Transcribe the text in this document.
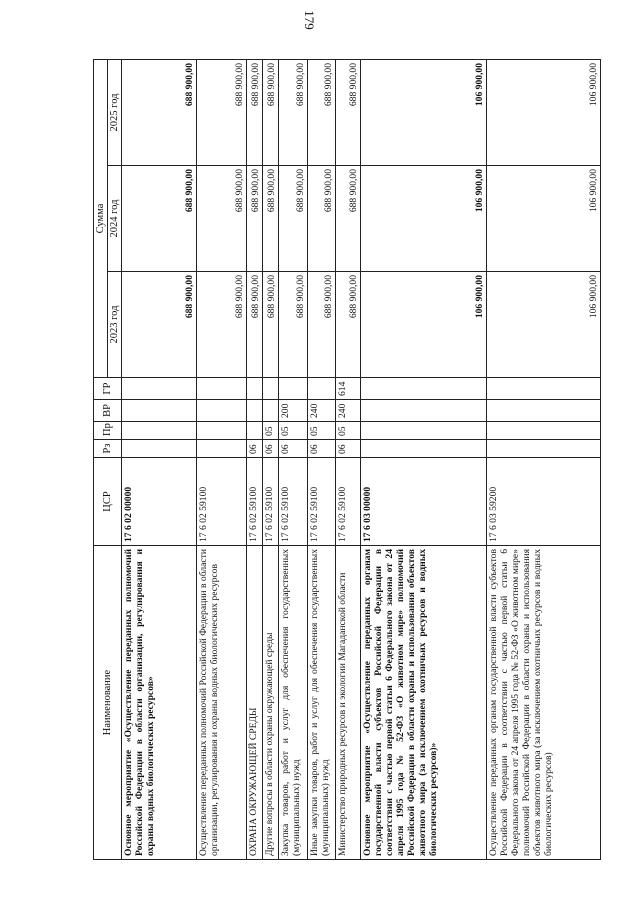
179
Наименование	ЦСР	Рз	Пр	ВР	ГР	Сумма		
						2023 год	2024 год	2025 год
Основное мероприятие «Осуществление переданных полномочий Российской Федерации в области организации, регулирования и охраны водных биологических ресурсов»	17 6 02 00000					688 900,00	688 900,00	688 900,00
Осуществление переданных полномочий Российской Федерации в области организации, регулирования и охраны водных биологических ресурсов	17 6 02 59100					688 900,00	688 900,00	688 900,00
ОХРАНА ОКРУЖАЮЩЕЙ СРЕДЫ	17 6 02 59100	06				688 900,00	688 900,00	688 900,00
Другие вопросы в области охраны окружающей среды	17 6 02 59100	06	05			688 900,00	688 900,00	688 900,00
Закупка товаров, работ и услуг для обеспечения государственных (муниципальных) нужд	17 6 02 59100	06	05	200		688 900,00	688 900,00	688 900,00
Иные закупки товаров, работ и услуг для обеспечения государственных (муниципальных) нужд	17 6 02 59100	06	05	240		688 900,00	688 900,00	688 900,00
Министерство природных ресурсов и экологии Магаданской области	17 6 02 59100	06	05	240	614	688 900,00	688 900,00	688 900,00
Основное мероприятие «Осуществление переданных органам государственной власти субъектов Российской Федерации в соответствии с частью первой статьи 6 Федерального закона от 24 апреля 1995 года № 52-ФЗ «О животном мире» полномочий Российской Федерации в области охраны и использования объектов животного мира (за исключением охотничьих ресурсов и водных биологических ресурсов)»	17 6 03 00000					106 900,00	106 900,00	106 900,00
Осуществление переданных органам государственной власти субъектов Российской Федерации в соответствии с частью первой статьи 6 Федерального закона от 24 апреля 1995 года № 52-ФЗ «О животном мире» полномочий Российской Федерации в области охраны и использования объектов животного мира (за исключением охотничьих ресурсов и водных биологических ресурсов)	17 6 03 59200					106 900,00	106 900,00	106 900,00
